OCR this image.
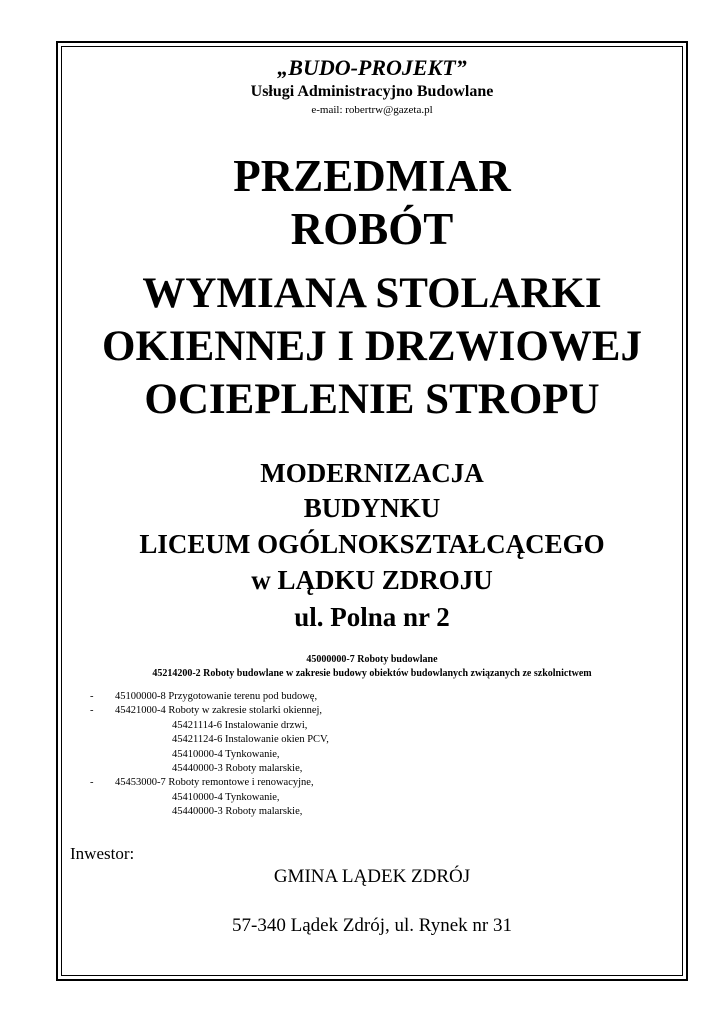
„BUDO-PROJEKT”

Usługi Administracyjno Budowlane

e-mail: robertrw@gazeta.pl

PRZEDMIAR

ROBÓT

WYMIANA STOLARKI

OKIENNEJ I DRZWIOWEJ

OCIEPLENIE STROPU

MODERNIZACJA

BUDYNKU

LICEUM OGÓLNOKSZTAŁCĄCEGO

w LĄDKU ZDROJU

ul. Polna nr 2

45000000-7 Roboty budowlane

45214200-2 Roboty budowlane w zakresie budowy obiektów budowlanych związanych ze szkolnictwem

- 45100000-8 Przygotowanie terenu pod budowę,
- 45421000-4 Roboty w zakresie stolarki okiennej,
45421114-6 Instalowanie drzwi,
45421124-6 Instalowanie okien PCV,
45410000-4 Tynkowanie,
45440000-3 Roboty malarskie,
- 45453000-7 Roboty remontowe i renowacyjne,
45410000-4 Tynkowanie,
45440000-3 Roboty malarskie,

Inwestor:

GMINA LĄDEK ZDRÓJ

57-340 Lądek Zdrój, ul. Rynek nr 31
